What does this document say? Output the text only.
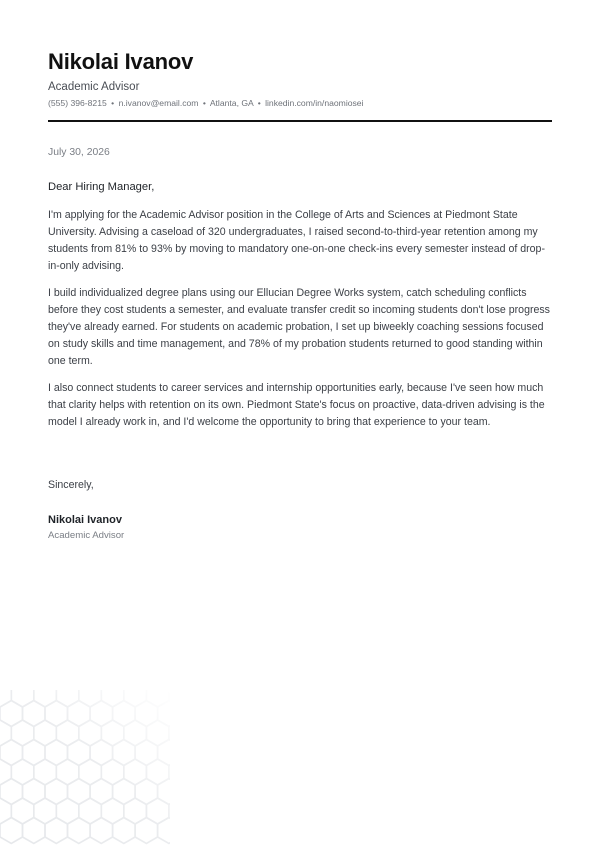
Nikolai Ivanov
Academic Advisor
(555) 396-8215 • n.ivanov@email.com • Atlanta, GA • linkedin.com/in/naomiosei
July 30, 2026

Dear Hiring Manager,

I'm applying for the Academic Advisor position in the College of Arts and Sciences at Piedmont State University. Advising a caseload of 320 undergraduates, I raised second-to-third-year retention among my students from 81% to 93% by moving to mandatory one-on-one check-ins every semester instead of drop-in-only advising.

I build individualized degree plans using our Ellucian Degree Works system, catch scheduling conflicts before they cost students a semester, and evaluate transfer credit so incoming students don't lose progress they've already earned. For students on academic probation, I set up biweekly coaching sessions focused on study skills and time management, and 78% of my probation students returned to good standing within one term.

I also connect students to career services and internship opportunities early, because I've seen how much that clarity helps with retention on its own. Piedmont State's focus on proactive, data-driven advising is the model I already work in, and I'd welcome the opportunity to bring that experience to your team.

Sincerely,
Nikolai Ivanov
Academic Advisor
